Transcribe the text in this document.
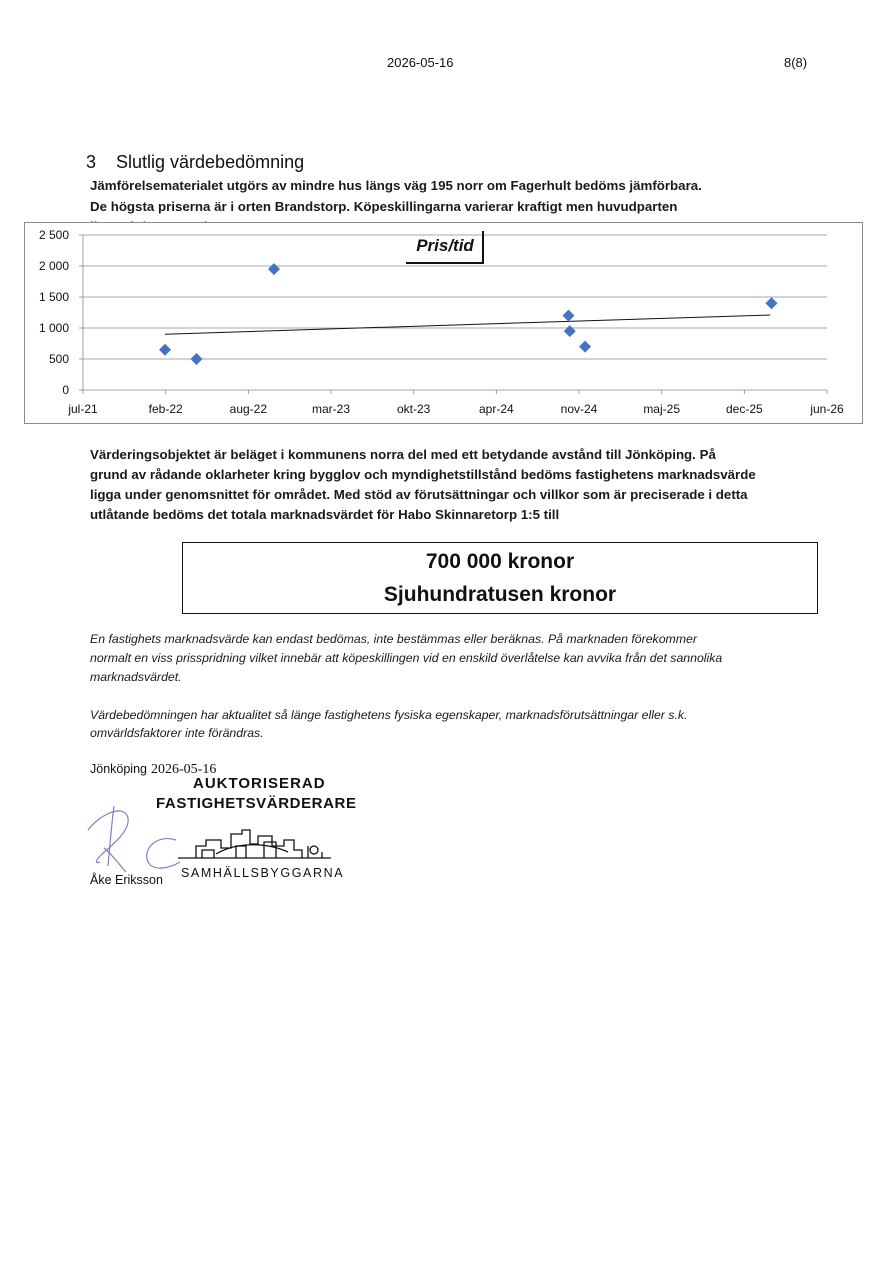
2026-05-16	8(8)
3 Slutlig värdebedömning
Jämförelsematerialet utgörs av mindre hus längs väg 195 norr om Fagerhult bedöms jämförbara.
De högsta priserna är i orten Brandstorp. Köpeskillingarna varierar kraftigt men huvudparten
0
500
1 000
1 500
2 000
2 500
jul-21	feb-22	aug-22	mar-23	okt-23	apr-24	nov-24	maj-25	dec-25	jun-26
Pris/tid
Värderingsobjektet är beläget i kommunens norra del med ett betydande avstånd till Jönköping. På
grund av rådande oklarheter kring bygglov och myndighetstillstånd bedöms fastighetens marknadsvärde
ligga under genomsnittet för området. Med stöd av förutsättningar och villkor som är preciserade i detta
utlåtande bedöms det totala marknadsvärdet för Habo Skinnaretorp 1:5 till
700 000 kronor
Sjuhundratusen kronor
En fastighets marknadsvärde kan endast bedömas, inte bestämmas eller beräknas. På marknaden förekommer
normalt en viss prisspridning vilket innebär att köpeskillingen vid en enskild överlåtelse kan avvika från det sannolika
marknadsvärdet.
Värdebedömningen har aktualitet så länge fastighetens fysiska egenskaper, marknadsförutsättningar eller s.k.
omvärldsfaktorer inte förändras.
Jönköping 2026-05-16
AUKTORISERAD
FASTIGHETSVÄRDERARE
SAMHÄLLSBYGGARNA
Åke Eriksson
